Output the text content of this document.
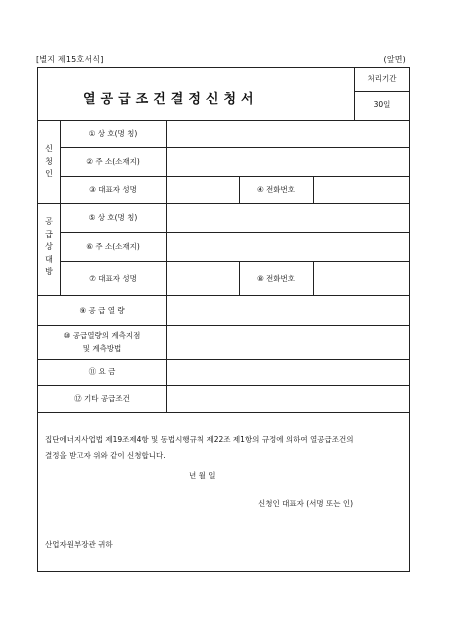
[별지 제15호서식]	(앞면)
열공급조건결정신청서
처리기간
30일
신청인
① 상 호(명 칭)
② 주 소(소재지)
③ 대표자 성명	④ 전화번호
공급상대방
⑤ 상 호(명 칭)
⑥ 주 소(소재지)
⑦ 대표자 성명	⑧ 전화번호
⑨ 공 급 열 량
⑩ 공급열량의 계측지점
및 계측방법
⑪ 요 금
⑫ 기타 공급조건
집단에너지사업법 제19조제4항 및 동법시행규칙 제22조 제1항의 규정에 의하여 열공급조건의
결정을 받고자 위와 같이 신청합니다.
년 월 일
신청인 대표자 (서명 또는 인)
산업자원부장관 귀하
